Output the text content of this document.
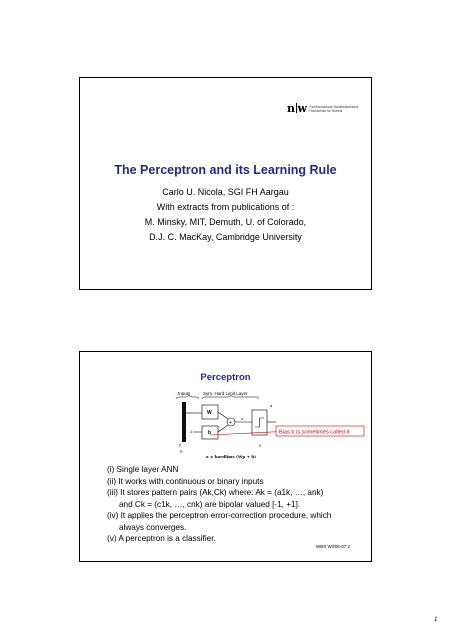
n w Fachhochschule Nordwestschweiz
Hochschule für Technik
The Perceptron and its Learning Rule
Carlo U. Nicola, SGI FH Aargau
With extracts from publications of :
M. Minsky, MIT, Demuth, U. of Colorado,
D.J. C. MacKay, Cambridge University
Perceptron
Inputs	Sym. Hard Limit Layer
p
R
W
1	b
+
n
a
S
Bias b is sometimes called θ
a = hardlims (Wp + b)
(i) Single layer ANN
(ii) It works with continuous or binary inputs
(iii) It stores pattern pairs (Ak,Ck) where: Ak = (a1k, …, ank)
and Ck = (c1k, …, cnk) are bipolar valued [-1, +1].
(iv) It applies the perceptron error-correction procedure, which
always converges.
(v) A perceptron is a classifier.
WBS WS06-07 2
1
